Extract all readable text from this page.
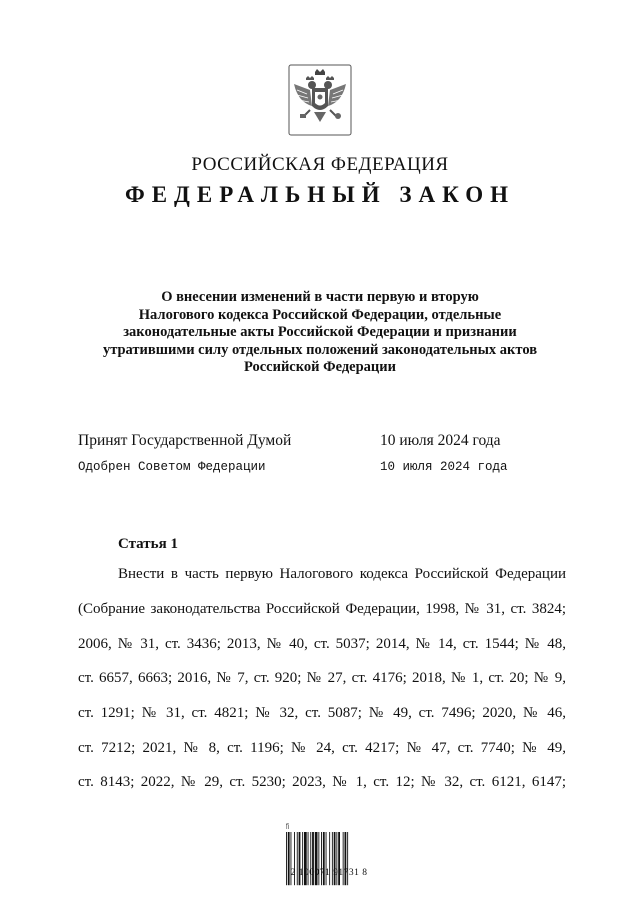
РОССИЙСКАЯ ФЕДЕРАЦИЯ
ФЕДЕРАЛЬНЫЙ ЗАКОН
О внесении изменений в части первую и вторую
Налогового кодекса Российской Федерации, отдельные
законодательные акты Российской Федерации и признании
утратившими силу отдельных положений законодательных актов
Российской Федерации
Принят Государственной Думой	10 июля 2024 года
Одобрен Советом Федерации	10 июля 2024 года
Статья 1
Внести в часть первую Налогового кодекса Российской Федерации
(Собрание законодательства Российской Федерации, 1998, № 31, ст. 3824;
2006, № 31, ст. 3436; 2013, № 40, ст. 5037; 2014, № 14, ст. 1544; № 48,
ст. 6657, 6663; 2016, № 7, ст. 920; № 27, ст. 4176; 2018, № 1, ст. 20; № 9,
ст. 1291; № 31, ст. 4821; № 32, ст. 5087; № 49, ст. 7496; 2020, № 46,
ст. 7212; 2021, № 8, ст. 1196; № 24, ст. 4217; № 47, ст. 7740; № 49,
ст. 8143; 2022, № 29, ст. 5230; 2023, № 1, ст. 12; № 32, ст. 6121, 6147;
ﬁ
2 100071 91731 8
